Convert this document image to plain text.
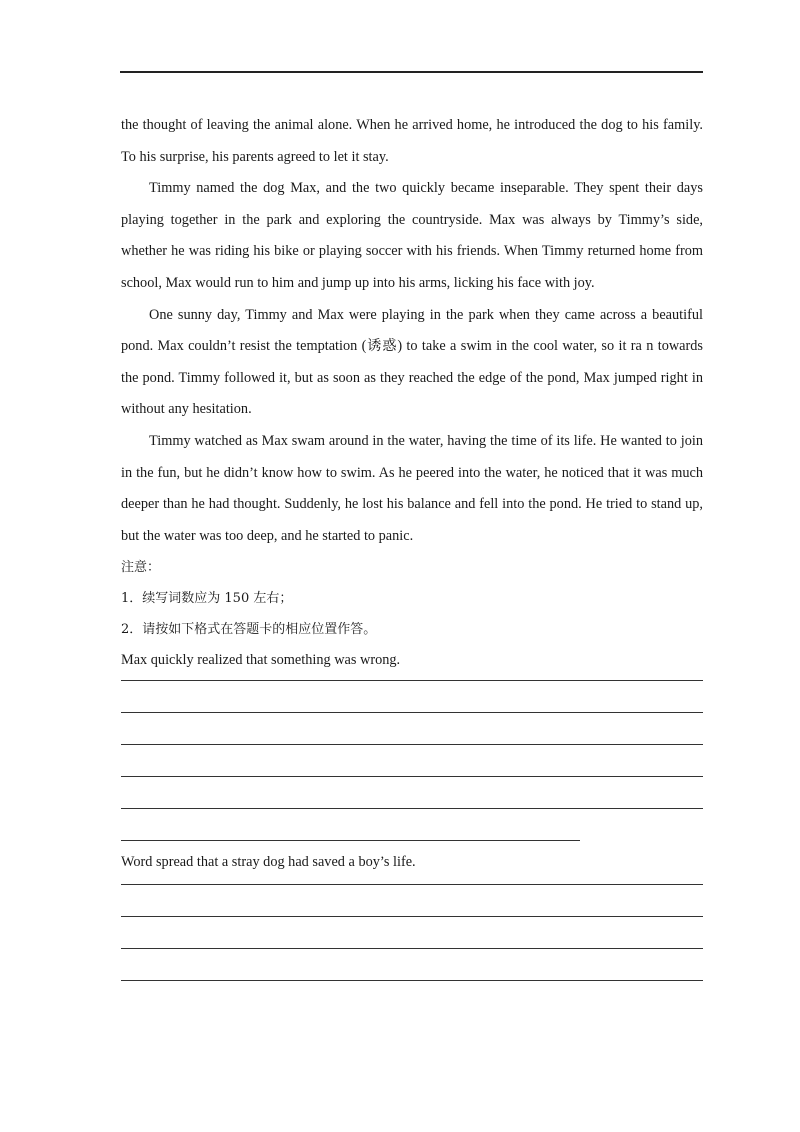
the thought of leaving the animal alone. When he arrived home, he introduced the dog to his family. To his surprise, his parents agreed to let it stay.

Timmy named the dog Max, and the two quickly became inseparable. They spent their days playing together in the park and exploring the countryside. Max was always by Timmy’s side, whether he was riding his bike or playing soccer with his friends. When Timmy returned home from school, Max would run to him and jump up into his arms, licking his face with joy.

One sunny day, Timmy and Max were playing in the park when they came across a beautiful pond. Max couldn’t resist the temptation (诱惑) to take a swim in the cool water, so it ra n towards the pond. Timmy followed it, but as soon as they reached the edge of the pond, Max jumped right in without any hesitation.

Timmy watched as Max swam around in the water, having the time of its life. He wanted to join in the fun, but he didn’t know how to swim. As he peered into the water, he noticed that it was much deeper than he had thought. Suddenly, he lost his balance and fell into the pond. He tried to stand up, but the water was too deep, and he started to panic.

注意：

1．续写词数应为 150 左右；

2．请按如下格式在答题卡的相应位置作答。

Max quickly realized that something was wrong.

Word spread that a stray dog had saved a boy’s life.
